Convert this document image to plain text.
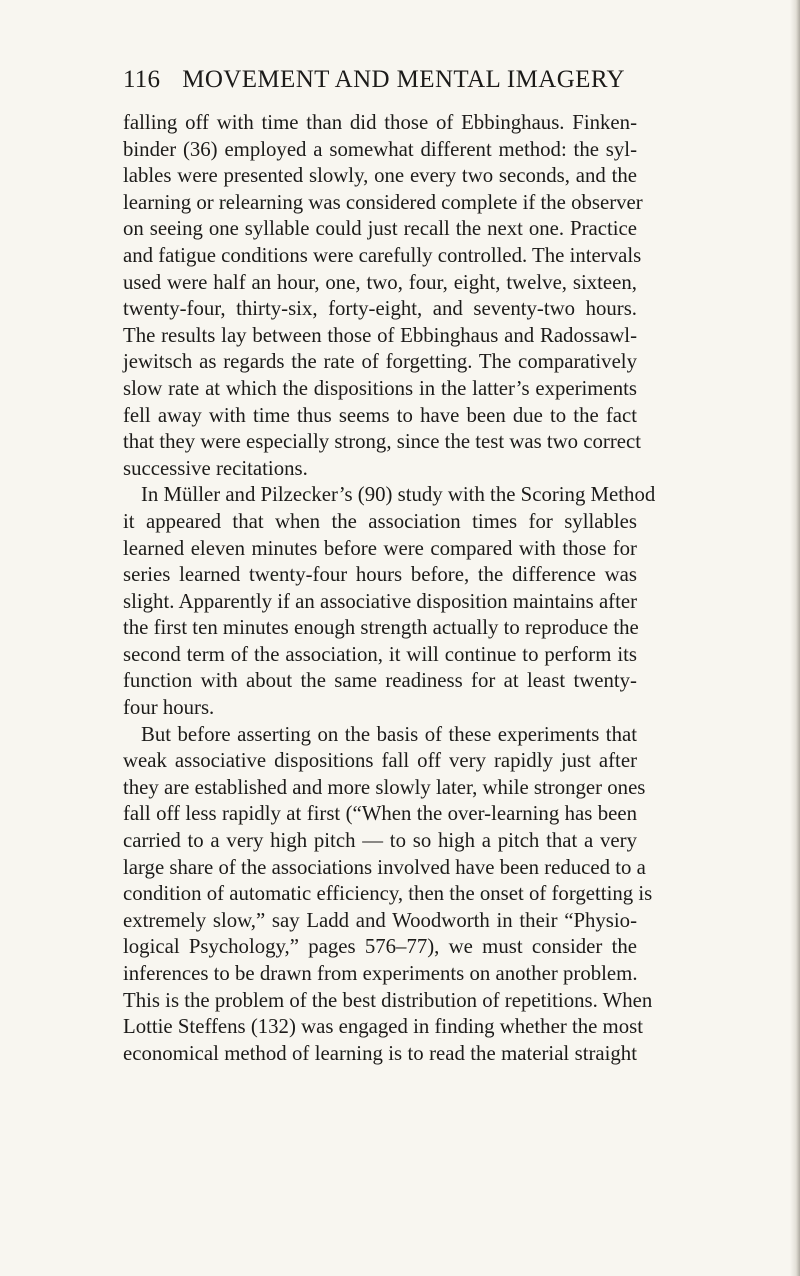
116 MOVEMENT AND MENTAL IMAGERY
falling off with time than did those of Ebbinghaus. Finken-
binder (36) employed a somewhat different method: the syl-
lables were presented slowly, one every two seconds, and the
learning or relearning was considered complete if the observer
on seeing one syllable could just recall the next one. Practice
and fatigue conditions were carefully controlled. The intervals
used were half an hour, one, two, four, eight, twelve, sixteen,
twenty-four, thirty-six, forty-eight, and seventy-two hours.
The results lay between those of Ebbinghaus and Radossawl-
jewitsch as regards the rate of forgetting. The comparatively
slow rate at which the dispositions in the latter’s experiments
fell away with time thus seems to have been due to the fact
that they were especially strong, since the test was two correct
successive recitations.
In Müller and Pilzecker’s (90) study with the Scoring Method
it appeared that when the association times for syllables
learned eleven minutes before were compared with those for
series learned twenty-four hours before, the difference was
slight. Apparently if an associative disposition maintains after
the first ten minutes enough strength actually to reproduce the
second term of the association, it will continue to perform its
function with about the same readiness for at least twenty-
four hours.
But before asserting on the basis of these experiments that
weak associative dispositions fall off very rapidly just after
they are established and more slowly later, while stronger ones
fall off less rapidly at first (“When the over-learning has been
carried to a very high pitch — to so high a pitch that a very
large share of the associations involved have been reduced to a
condition of automatic efficiency, then the onset of forgetting is
extremely slow,” say Ladd and Woodworth in their “Physio-
logical Psychology,” pages 576–77), we must consider the
inferences to be drawn from experiments on another problem.
This is the problem of the best distribution of repetitions. When
Lottie Steffens (132) was engaged in finding whether the most
economical method of learning is to read the material straight
